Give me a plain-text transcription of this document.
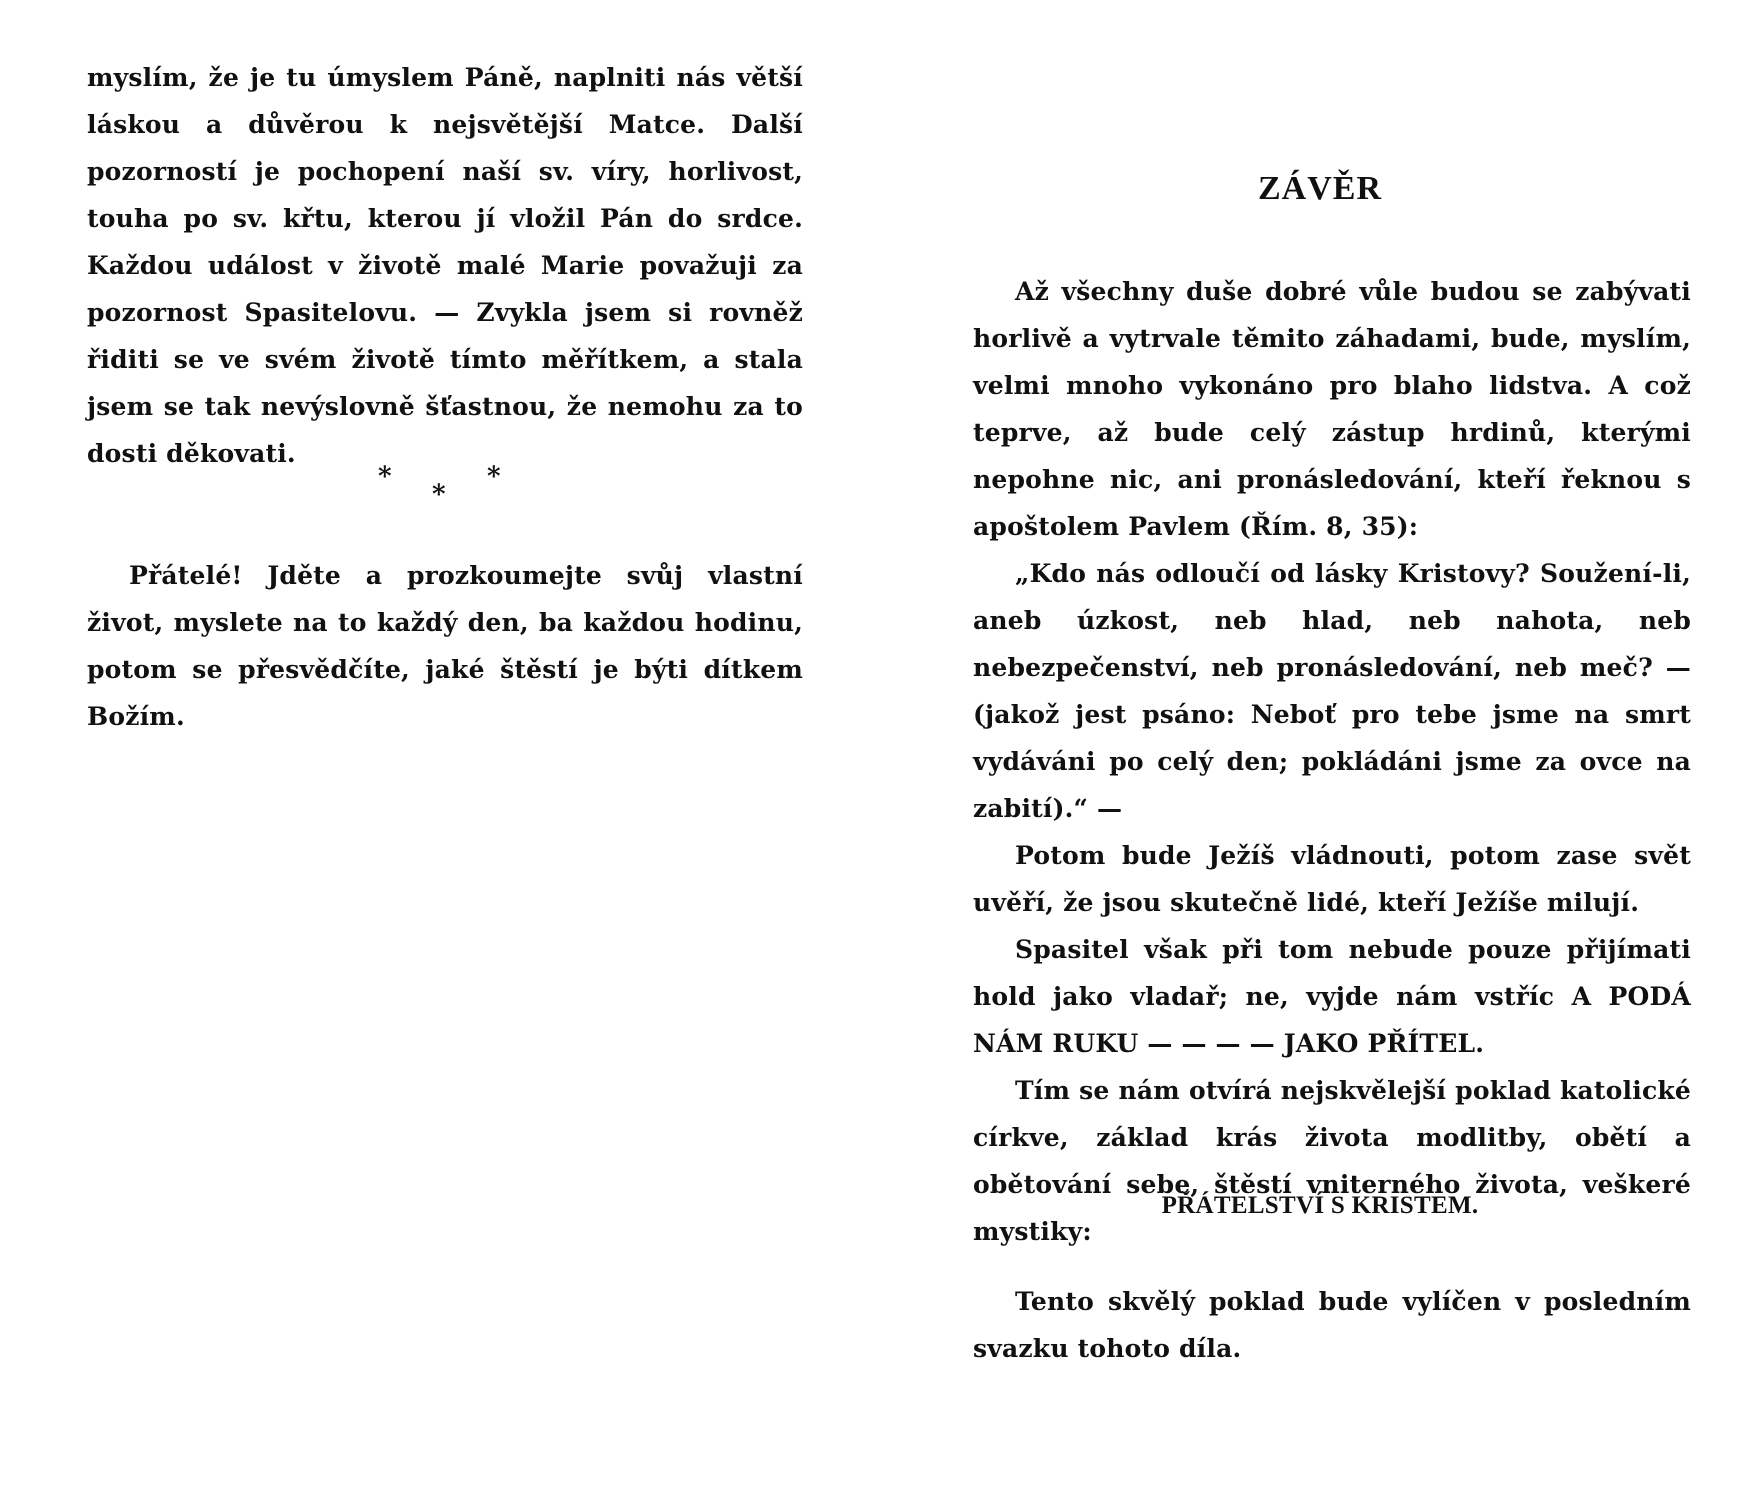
myslím, že je tu úmyslem Páně, naplniti nás větší láskou a důvěrou k nejsvětější Matce. Další pozorností je pochopení naší sv. víry, horlivost, touha po sv. křtu, kterou jí vložil Pán do srdce. Každou událost v životě malé Marie považuji za pozornost Spasitelovu. — Zvykla jsem si rovněž řiditi se ve svém životě tímto měřítkem, a stala jsem se tak nevýslovně šťastnou, že nemohu za to dosti děkovati.

*
*
*

Přátelé! Jděte a prozkoumejte svůj vlastní život, myslete na to každý den, ba každou hodinu, potom se přesvědčíte, jaké štěstí je býti dítkem Božím.

ZÁVĚR

Až všechny duše dobré vůle budou se zabývati horlivě a vytrvale těmito záhadami, bude, myslím, velmi mnoho vykonáno pro blaho lidstva. A což teprve, až bude celý zástup hrdinů, kterými nepohne nic, ani pronásledování, kteří řeknou s apoštolem Pavlem (Řím. 8, 35):

„Kdo nás odloučí od lásky Kristovy? Soužení-li, aneb úzkost, neb hlad, neb nahota, neb nebezpečenství, neb pronásledování, neb meč? — (jakož jest psáno: Neboť pro tebe jsme na smrt vydáváni po celý den; pokládáni jsme za ovce na zabití).“ —

Potom bude Ježíš vládnouti, potom zase svět uvěří, že jsou skutečně lidé, kteří Ježíše milují.

Spasitel však při tom nebude pouze přijímati hold jako vladař; ne, vyjde nám vstříc A PODÁ NÁM RUKU — — — — JAKO PŘÍTEL.

Tím se nám otvírá nejskvělejší poklad katolické církve, základ krás života modlitby, obětí a obětování sebe, štěstí vniterného života, veškeré mystiky:

PŘÁTELSTVÍ S KRISTEM.

Tento skvělý poklad bude vylíčen v posledním svazku tohoto díla.
